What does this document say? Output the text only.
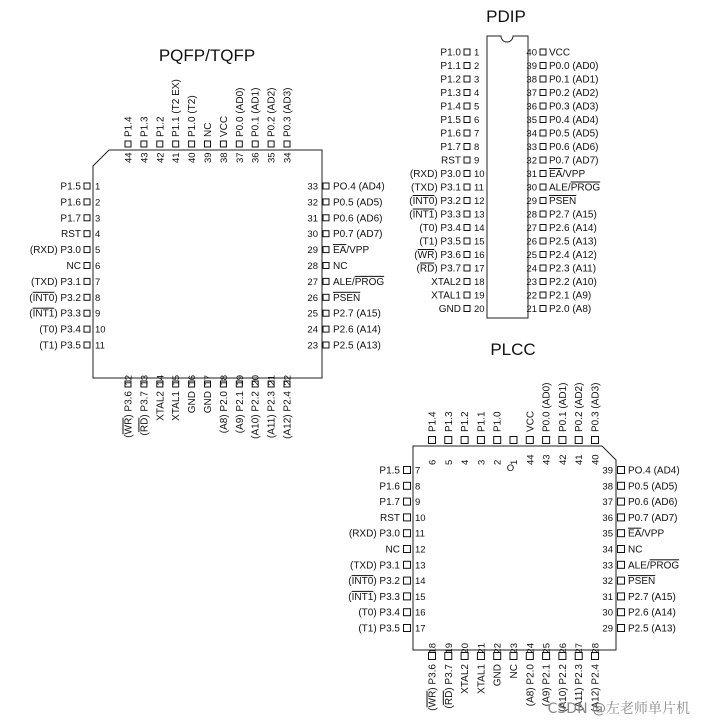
PQFP/TQFP
PDIP
PLCC
P1.0 1
P1.1 2
P1.2 3
P1.3 4
P1.4 5
P1.5 6
P1.6 7
P1.7 8
RST 9
(RXD) P3.0 10
(TXD) P3.1 11
(INT0) P3.2 12
(INT1) P3.3 13
(T0) P3.4 14
(T1) P3.5 15
(WR) P3.6 16
(RD) P3.7 17
XTAL2 18
XTAL1 19
GND 20
40 VCC
39 P0.0 (AD0)
38 P0.1 (AD1)
37 P0.2 (AD2)
36 P0.3 (AD3)
35 P0.4 (AD4)
34 P0.5 (AD5)
33 P0.6 (AD6)
32 P0.7 (AD7)
31 EA/VPP
30 ALE/PROG
29 PSEN
28 P2.7 (A15)
27 P2.6 (A14)
26 P2.5 (A13)
25 P2.4 (A12)
24 P2.3 (A11)
23 P2.2 (A10)
22 P2.1 (A9)
21 P2.0 (A8)
P1.5 1
P1.6 2
P1.7 3
RST 4
(RXD) P3.0 5
NC 6
(TXD) P3.1 7
(INT0) P3.2 8
(INT1) P3.3 9
(T0) P3.4 10
(T1) P3.5 11
33 PO.4 (AD4)
32 P0.5 (AD5)
31 P0.6 (AD6)
30 P0.7 (AD7)
29 EA/VPP
28 NC
27 ALE/PROG
26 PSEN
25 P2.7 (A15)
24 P2.6 (A14)
23 P2.5 (A13)
44
P1.4
43
P1.3
42
P1.2
41
P1.1 (T2 EX)
40
P1.0 (T2)
39
NC
38
VCC
37
P0.0 (AD0)
36
P0.1 (AD1)
35
P0.2 (AD2)
34
P0.3 (AD3)
12
(WR) P3.6
13
(RD) P3.7
14
XTAL2
15
XTAL1
16
GND
17
GND
18
(A8) P2.0
19
(A9) P2.1
20
(A10) P2.2
21
(A11) P2.3
22
(A12) P2.4
P1.5 7
P1.6 8
P1.7 9
RST 10
(RXD) P3.0 11
NC 12
(TXD) P3.1 13
(INT0) P3.2 14
(INT1) P3.3 15
(T0) P3.4 16
(T1) P3.5 17
39 PO.4 (AD4)
38 P0.5 (AD5)
37 P0.6 (AD6)
36 P0.7 (AD7)
35 EA/VPP
34 NC
33 ALE/PROG
32 PSEN
31 P2.7 (A15)
30 P2.6 (A14)
29 P2.5 (A13)
6
P1.4
5
P1.3
4
P1.2
3
P1.1
2
P1.0
1 44
VCC
43
P0.0 (AD0)
42
P0.1 (AD1)
41
P0.2 (AD2)
40
P0.3 (AD3)
O
18
(WR) P3.6
19
(RD) P3.7
20
XTAL2
21
XTAL1
22
GND
23
NC
24
(A8) P2.0
25
(A9) P2.1
26
(A10) P2.2
27
(A11) P2.3
28
(A12) P2.4
CSDN @左老师单片机
